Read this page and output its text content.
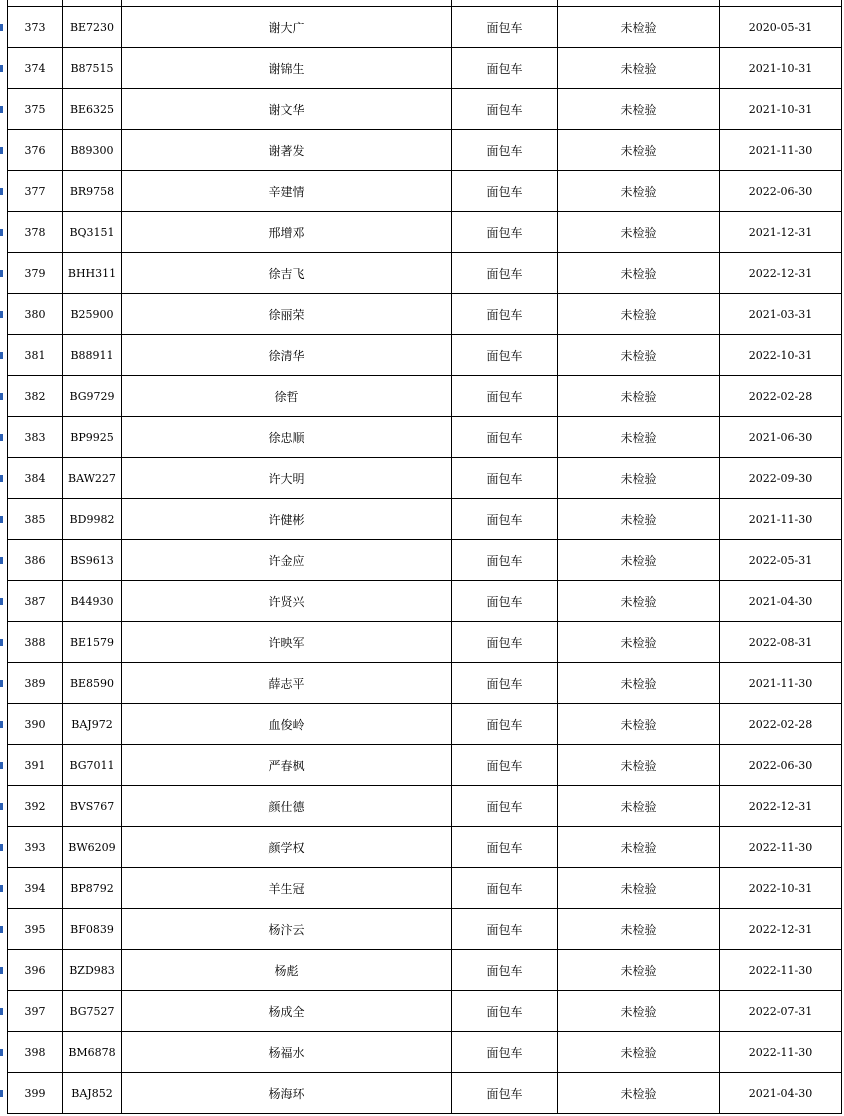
373	BE7230	谢大广	面包车	未检验	2020-05-31
374	B87515	谢锦生	面包车	未检验	2021-10-31
375	BE6325	谢文华	面包车	未检验	2021-10-31
376	B89300	谢著发	面包车	未检验	2021-11-30
377	BR9758	辛建情	面包车	未检验	2022-06-30
378	BQ3151	邢增邓	面包车	未检验	2021-12-31
379	BHH311	徐吉飞	面包车	未检验	2022-12-31
380	B25900	徐丽荣	面包车	未检验	2021-03-31
381	B88911	徐清华	面包车	未检验	2022-10-31
382	BG9729	徐哲	面包车	未检验	2022-02-28
383	BP9925	徐忠顺	面包车	未检验	2021-06-30
384	BAW227	许大明	面包车	未检验	2022-09-30
385	BD9982	许健彬	面包车	未检验	2021-11-30
386	BS9613	许金应	面包车	未检验	2022-05-31
387	B44930	许贤兴	面包车	未检验	2021-04-30
388	BE1579	许映军	面包车	未检验	2022-08-31
389	BE8590	薛志平	面包车	未检验	2021-11-30
390	BAJ972	血俊岭	面包车	未检验	2022-02-28
391	BG7011	严春枫	面包车	未检验	2022-06-30
392	BVS767	颜仕德	面包车	未检验	2022-12-31
393	BW6209	颜学权	面包车	未检验	2022-11-30
394	BP8792	羊生冠	面包车	未检验	2022-10-31
395	BF0839	杨汴云	面包车	未检验	2022-12-31
396	BZD983	杨彪	面包车	未检验	2022-11-30
397	BG7527	杨成全	面包车	未检验	2022-07-31
398	BM6878	杨福水	面包车	未检验	2022-11-30
399	BAJ852	杨海环	面包车	未检验	2021-04-30
